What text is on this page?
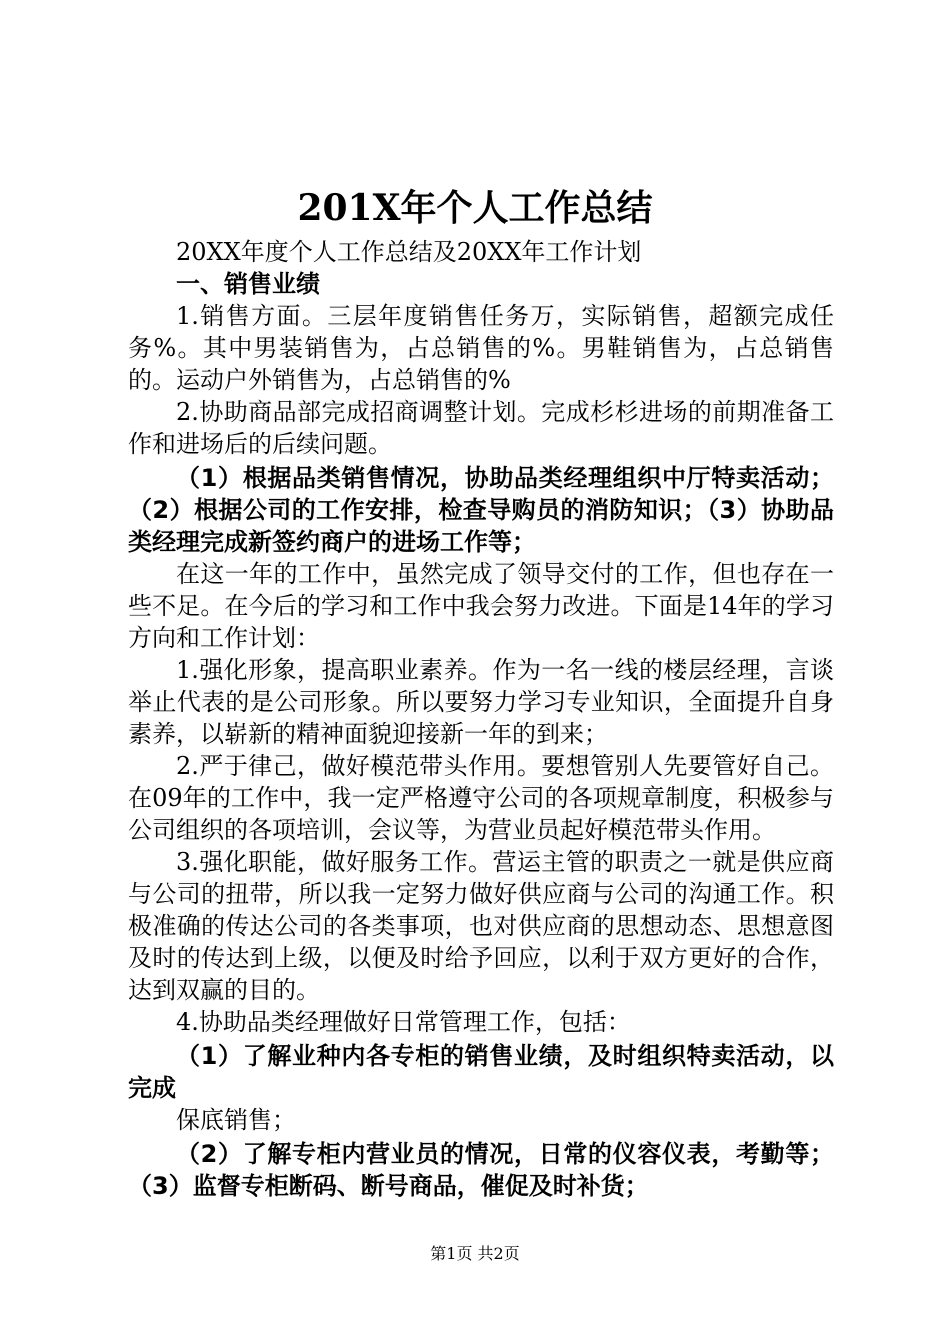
201X年个人工作总结

20XX年度个人工作总结及20XX年工作计划

一、销售业绩

1.销售方面。三层年度销售任务万，实际销售，超额完成任务%。其中男装销售为，占总销售的%。男鞋销售为，占总销售的。运动户外销售为，占总销售的%

2.协助商品部完成招商调整计划。完成杉杉进场的前期准备工作和进场后的后续问题。

（1）根据品类销售情况，协助品类经理组织中厅特卖活动；（2）根据公司的工作安排，检查导购员的消防知识；（3）协助品类经理完成新签约商户的进场工作等；

在这一年的工作中，虽然完成了领导交付的工作，但也存在一些不足。在今后的学习和工作中我会努力改进。下面是14年的学习方向和工作计划：

1.强化形象，提高职业素养。作为一名一线的楼层经理，言谈举止代表的是公司形象。所以要努力学习专业知识，全面提升自身素养，以崭新的精神面貌迎接新一年的到来；

2.严于律己，做好模范带头作用。要想管别人先要管好自己。在09年的工作中，我一定严格遵守公司的各项规章制度，积极参与公司组织的各项培训，会议等，为营业员起好模范带头作用。

3.强化职能，做好服务工作。营运主管的职责之一就是供应商与公司的扭带，所以我一定努力做好供应商与公司的沟通工作。积极准确的传达公司的各类事项，也对供应商的思想动态、思想意图及时的传达到上级，以便及时给予回应，以利于双方更好的合作，达到双赢的目的。

4.协助品类经理做好日常管理工作，包括：

（1）了解业种内各专柜的销售业绩，及时组织特卖活动，以完成

保底销售；

（2）了解专柜内营业员的情况，日常的仪容仪表，考勤等；（3）监督专柜断码、断号商品，催促及时补货；

第1页 共2页
